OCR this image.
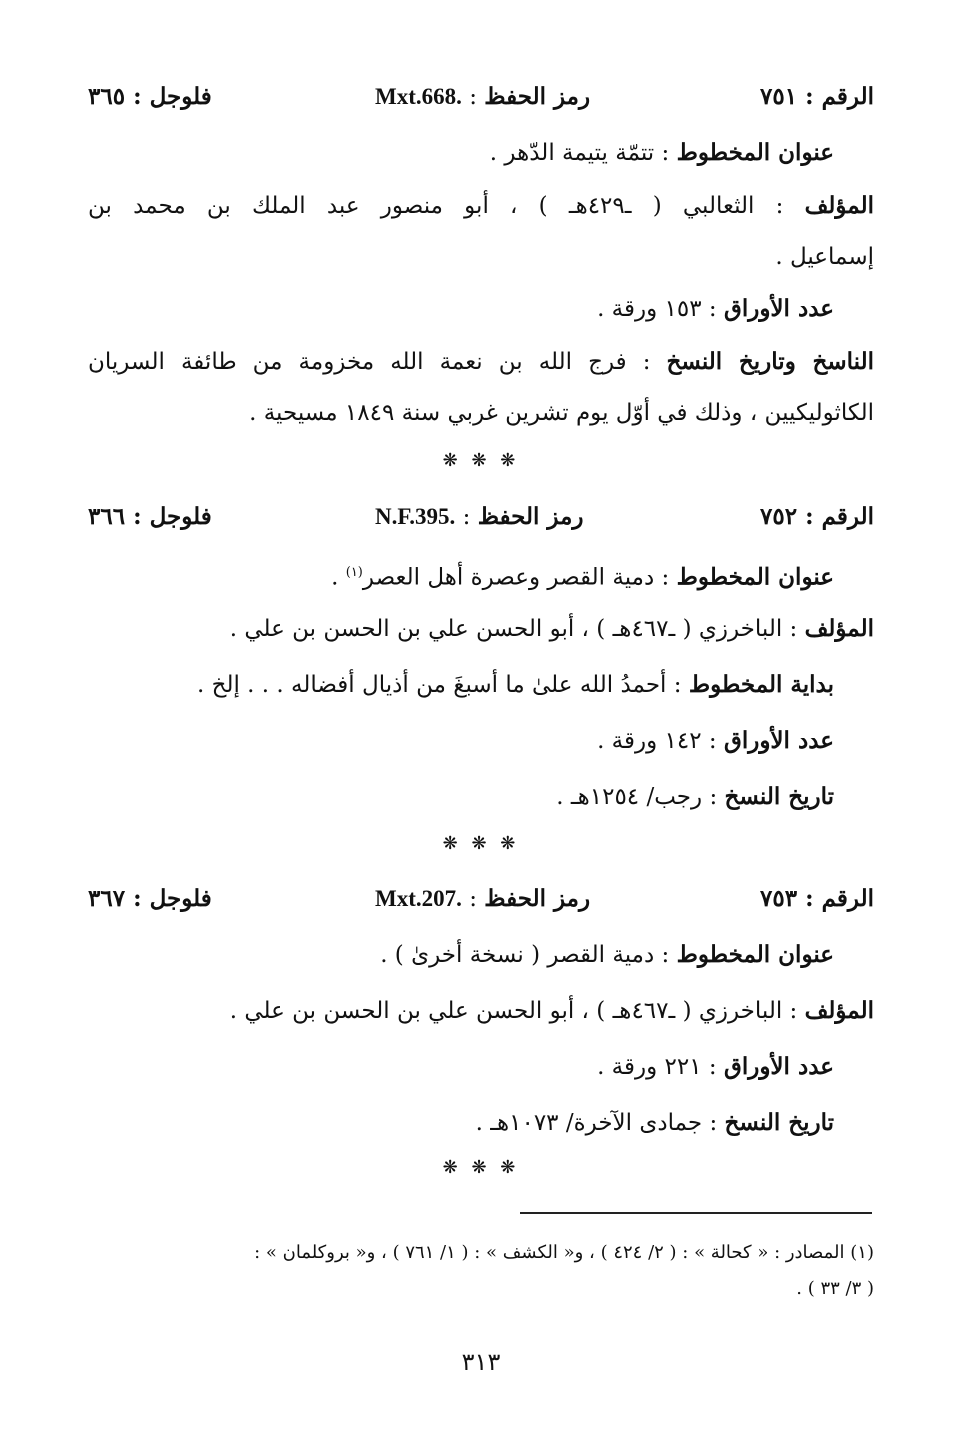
الرقم : ٧٥١
رمز الحفظ : Mxt.668.
فلوجل : ٣٦٥
عنوان المخطوط : تتمّة يتيمة الدّهر .
المؤلف : الثعالبي ( ـ٤٢٩هـ ) ، أبو منصور عبد الملك بن محمد بن
إسماعيل .
عدد الأوراق : ١٥٣ ورقة .
الناسخ وتاريخ النسخ : فرج الله بن نعمة الله مخزومة من طائفة السريان
الكاثوليكيين ، وذلك في أوّل يوم تشرين غربي سنة ١٨٤٩ مسيحية .
❋ ❋ ❋
الرقم : ٧٥٢
رمز الحفظ : N.F.395.
فلوجل : ٣٦٦
عنوان المخطوط : دمية القصر وعصرة أهل العصر$^{(١)}$ .
المؤلف : الباخرزي ( ـ٤٦٧هـ ) ، أبو الحسن علي بن الحسن بن علي .
بداية المخطوط : أحمدُ الله علىٰ ما أسبغَ من أذيال أفضاله . . . إلخ .
عدد الأوراق : ١٤٢ ورقة .
تاريخ النسخ : رجب/ ١٢٥٤هـ .
❋ ❋ ❋
الرقم : ٧٥٣
رمز الحفظ : Mxt.207.
فلوجل : ٣٦٧
عنوان المخطوط : دمية القصر ( نسخة أخرىٰ ) .
المؤلف : الباخرزي ( ـ٤٦٧هـ ) ، أبو الحسن علي بن الحسن بن علي .
عدد الأوراق : ٢٢١ ورقة .
تاريخ النسخ : جمادى الآخرة/ ١٠٧٣هـ .
❋ ❋ ❋
(١) المصادر : « كحالة » : ( ٢/ ٤٢٤ ) ، و« الكشف » : ( ١/ ٧٦١ ) ، و« بروكلمان » :
( ٣/ ٣٣ ) .
٣١٣
